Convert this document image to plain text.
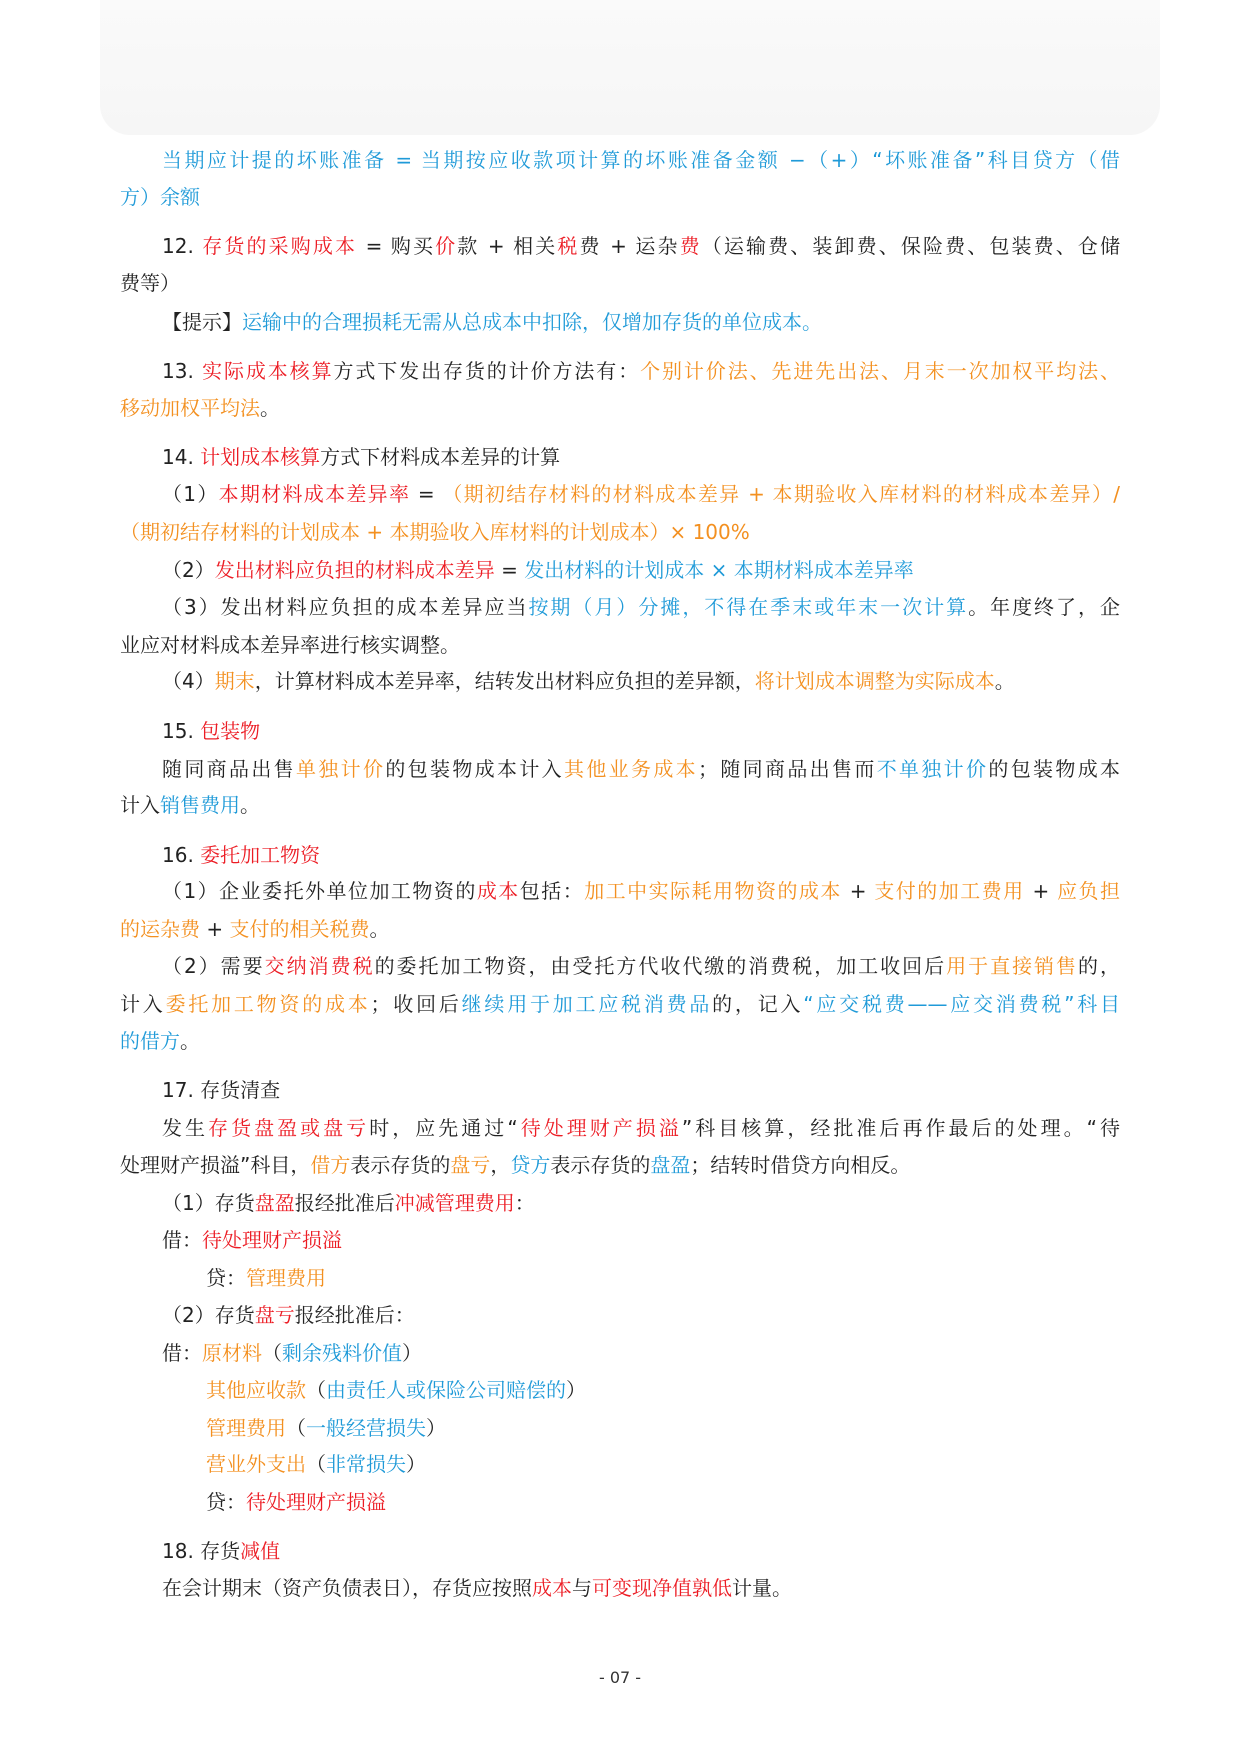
当期应计提的坏账准备 = 当期按应收款项计算的坏账准备金额 −（+）“坏账准备”科目贷方（借
方）余额
12. 存货的采购成本 = 购买价款 + 相关税费 + 运杂费（运输费、装卸费、保险费、包装费、仓储
费等）
【提示】运输中的合理损耗无需从总成本中扣除，仅增加存货的单位成本。
13. 实际成本核算方式下发出存货的计价方法有：个别计价法、先进先出法、月末一次加权平均法、
移动加权平均法。
14. 计划成本核算方式下材料成本差异的计算
（1）本期材料成本差异率 = （期初结存材料的材料成本差异 + 本期验收入库材料的材料成本差异）/
（期初结存材料的计划成本 + 本期验收入库材料的计划成本）× 100%
（2）发出材料应负担的材料成本差异 = 发出材料的计划成本 × 本期材料成本差异率
（3）发出材料应负担的成本差异应当按期（月）分摊，不得在季末或年末一次计算。年度终了，企
业应对材料成本差异率进行核实调整。
（4）期末，计算材料成本差异率，结转发出材料应负担的差异额，将计划成本调整为实际成本。
15. 包装物
随同商品出售单独计价的包装物成本计入其他业务成本；随同商品出售而不单独计价的包装物成本
计入销售费用。
16. 委托加工物资
（1）企业委托外单位加工物资的成本包括：加工中实际耗用物资的成本 + 支付的加工费用 + 应负担
的运杂费 + 支付的相关税费。
（2）需要交纳消费税的委托加工物资，由受托方代收代缴的消费税，加工收回后用于直接销售的，
计入委托加工物资的成本；收回后继续用于加工应税消费品的，记入“应交税费——应交消费税”科目
的借方。
17. 存货清查
发生存货盘盈或盘亏时，应先通过“待处理财产损溢”科目核算，经批准后再作最后的处理。“待
处理财产损溢”科目，借方表示存货的盘亏，贷方表示存货的盘盈；结转时借贷方向相反。
（1）存货盘盈报经批准后冲减管理费用：
借：待处理财产损溢
贷：管理费用
（2）存货盘亏报经批准后：
借：原材料（剩余残料价值）
其他应收款（由责任人或保险公司赔偿的）
管理费用（一般经营损失）
营业外支出（非常损失）
贷：待处理财产损溢
18. 存货减值
在会计期末（资产负债表日），存货应按照成本与可变现净值孰低计量。
- 07 -
